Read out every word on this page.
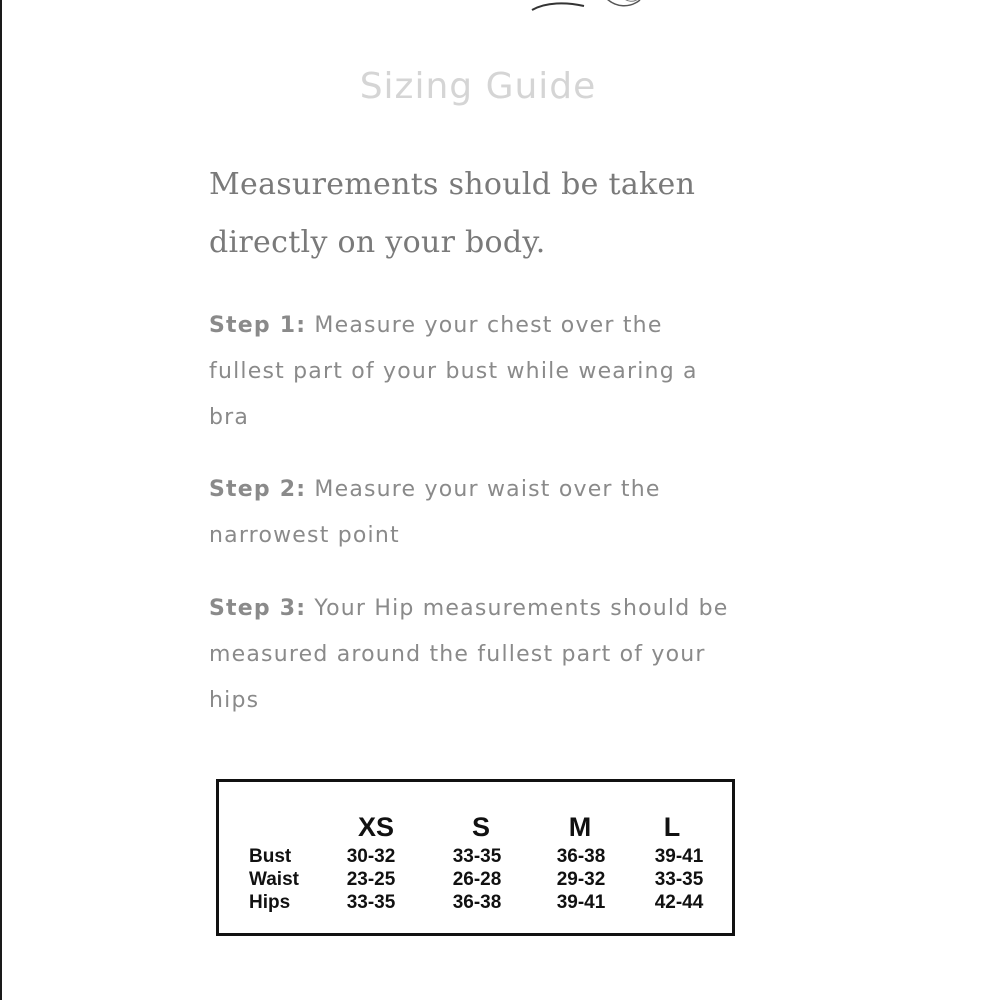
Sizing Guide

Measurements should be taken directly on your body.

Step 1: Measure your chest over the fullest part of your bust while wearing a bra

Step 2: Measure your waist over the narrowest point

Step 3: Your Hip measurements should be measured around the fullest part of your hips

XS	S	M	L
Bust	30-32	33-35	36-38	39-41
Waist	23-25	26-28	29-32	33-35
Hips	33-35	36-38	39-41	42-44
